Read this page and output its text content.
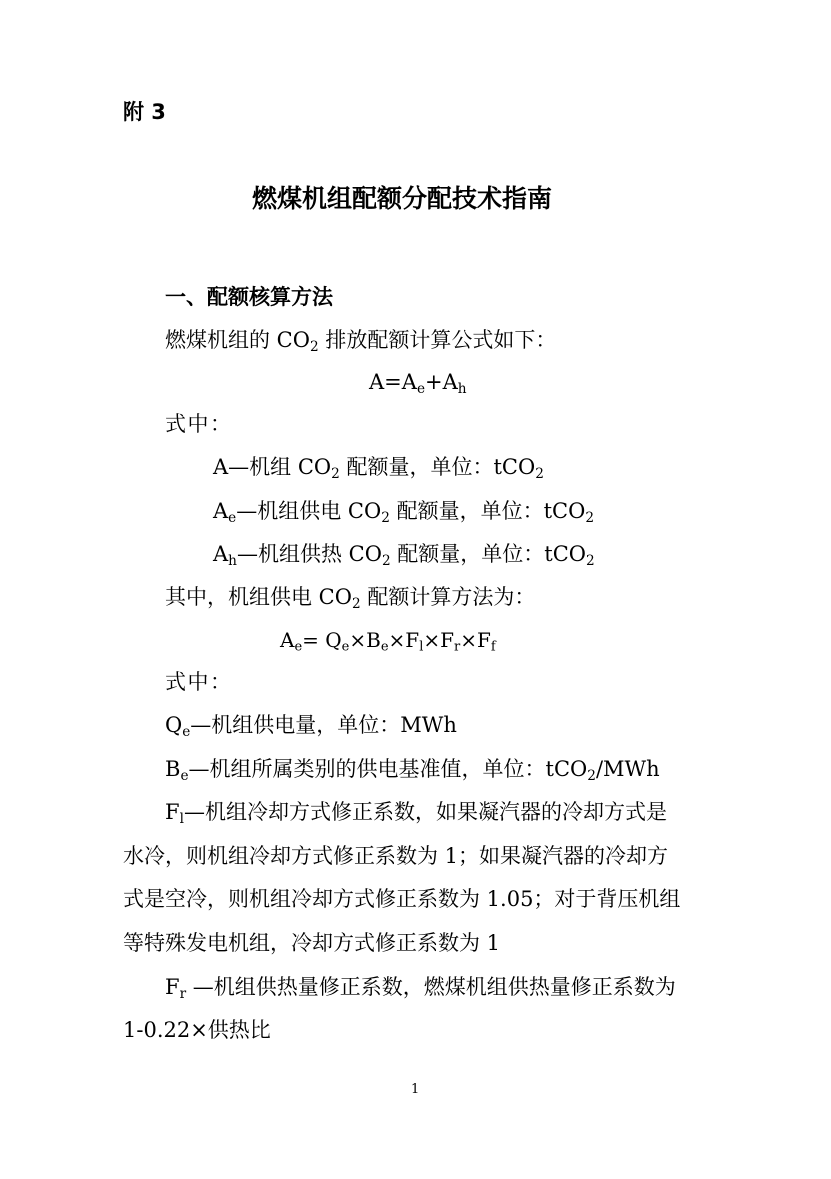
附 3
燃煤机组配额分配技术指南
一、配额核算方法
燃煤机组的 $CO_2$ 排放配额计算公式如下：
$A=A_e+A_h$
式中：
A—机组 $CO_2$ 配额量，单位：tCO$_2$
$A_e—$机组供电 $CO_2$ 配额量，单位：tCO$_2$
$A_h—$机组供热 $CO_2$ 配额量，单位：tCO$_2$
其中，机组供电 $CO_2$ 配额计算方法为：
$A_e= Q_e\times B_e\times F_l\times F_r\times F_f$
式中：
$Q_e—$机组供电量，单位：MWh
$B_e—$机组所属类别的供电基准值，单位：tCO$_2$/MWh
$F_l—$机组冷却方式修正系数，如果凝汽器的冷却方式是
水冷，则机组冷却方式修正系数为 1；如果凝汽器的冷却方
式是空冷，则机组冷却方式修正系数为 1.05；对于背压机组
等特殊发电机组，冷却方式修正系数为 1
$F_r$ —机组供热量修正系数，燃煤机组供热量修正系数为
1-0.22×供热比
1
